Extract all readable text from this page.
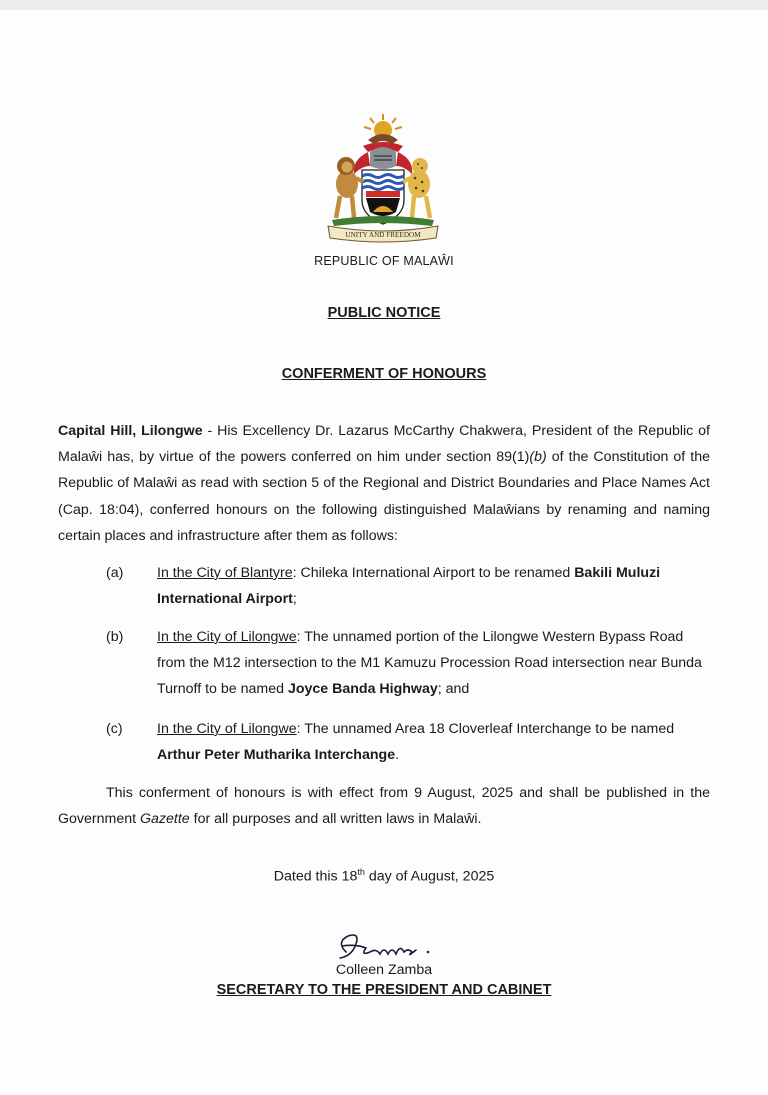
UNITY AND FREEDOM
REPUBLIC OF MALAŴI
PUBLIC NOTICE
CONFERMENT OF HONOURS
Capital Hill, Lilongwe - His Excellency Dr. Lazarus McCarthy Chakwera, President of the Republic of Malaŵi has, by virtue of the powers conferred on him under section 89(1)(b) of the Constitution of the Republic of Malaŵi as read with section 5 of the Regional and District Boundaries and Place Names Act (Cap. 18:04), conferred honours on the following distinguished Malaŵians by renaming and naming certain places and infrastructure after them as follows:
(a) In the City of Blantyre: Chileka International Airport to be renamed Bakili Muluzi International Airport;
(b) In the City of Lilongwe: The unnamed portion of the Lilongwe Western Bypass Road from the M12 intersection to the M1 Kamuzu Procession Road intersection near Bunda Turnoff to be named Joyce Banda Highway; and
(c) In the City of Lilongwe: The unnamed Area 18 Cloverleaf Interchange to be named Arthur Peter Mutharika Interchange.
This conferment of honours is with effect from 9 August, 2025 and shall be published in the Government Gazette for all purposes and all written laws in Malaŵi.
Dated this 18th day of August, 2025
Colleen Zamba
SECRETARY TO THE PRESIDENT AND CABINET
